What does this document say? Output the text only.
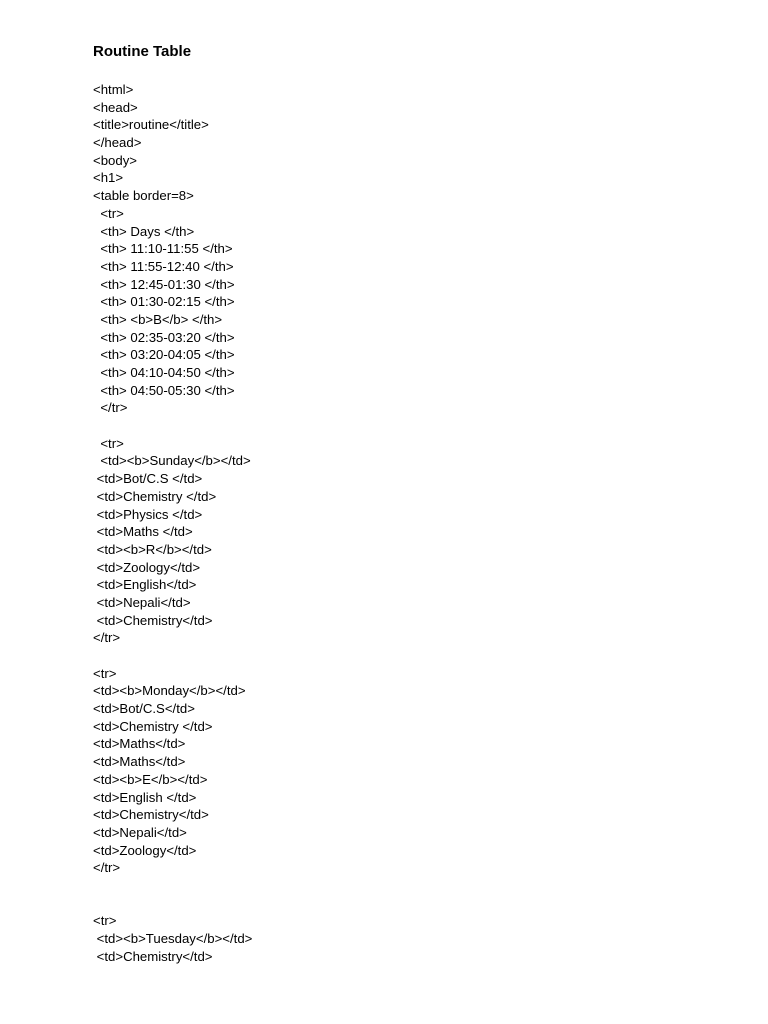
Routine Table
<html>
<head>
<title>routine</title>
</head>
<body>
<h1>
<table border=8>
<tr>
<th> Days </th>
<th> 11:10-11:55 </th>
<th> 11:55-12:40 </th>
<th> 12:45-01:30 </th>
<th> 01:30-02:15 </th>
<th> <b>B</b> </th>
<th> 02:35-03:20 </th>
<th> 03:20-04:05 </th>
<th> 04:10-04:50 </th>
<th> 04:50-05:30 </th>
</tr>
<tr>
<td><b>Sunday</b></td>
<td>Bot/C.S </td>
<td>Chemistry </td>
<td>Physics </td>
<td>Maths </td>
<td><b>R</b></td>
<td>Zoology</td>
<td>English</td>
<td>Nepali</td>
<td>Chemistry</td>
</tr>
<tr>
<td><b>Monday</b></td>
<td>Bot/C.S</td>
<td>Chemistry </td>
<td>Maths</td>
<td>Maths</td>
<td><b>E</b></td>
<td>English </td>
<td>Chemistry</td>
<td>Nepali</td>
<td>Zoology</td>
</tr>
<tr>
<td><b>Tuesday</b></td>
<td>Chemistry</td>
